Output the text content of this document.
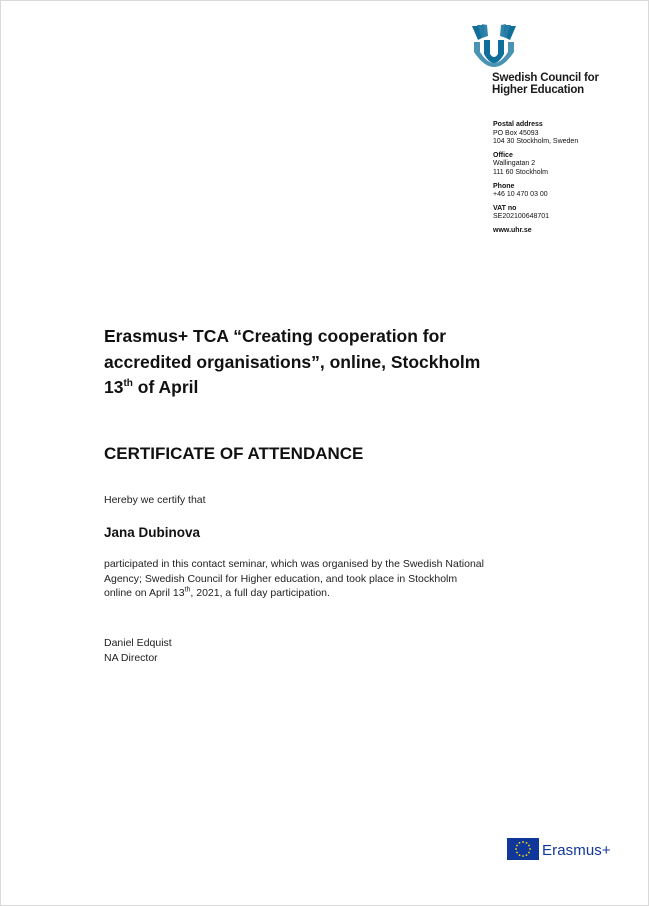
Swedish Council for
Higher Education
Postal address
PO Box 45093
104 30 Stockholm, Sweden
Office
Wallingatan 2
111 60 Stockholm
Phone
+46 10 470 03 00
VAT no
SE202100648701
www.uhr.se
Erasmus+ TCA “Creating cooperation for
accredited organisations”, online, Stockholm
13th of April
CERTIFICATE OF ATTENDANCE
Hereby we certify that
Jana Dubinova
participated in this contact seminar, which was organised by the Swedish National Agency; Swedish Council for Higher education, and took place in Stockholm online on April 13th, 2021, a full day participation.
Daniel Edquist
NA Director
Erasmus+
